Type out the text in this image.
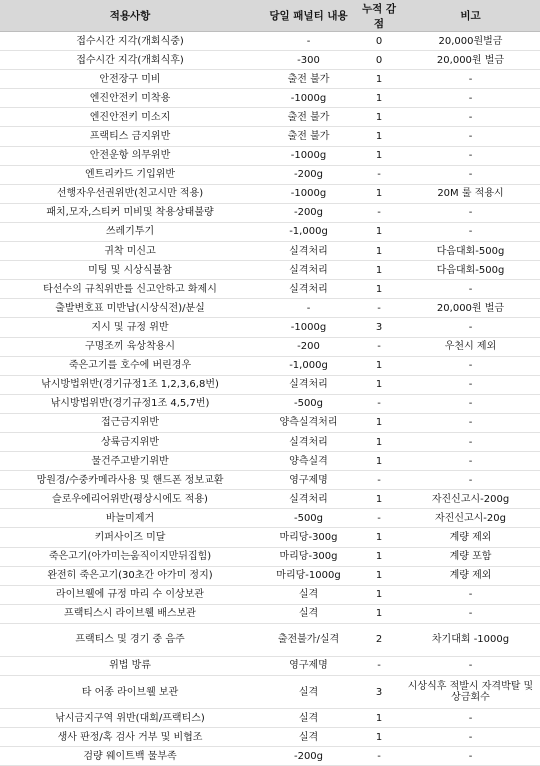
적용사항	당일 패널티 내용	누적 감점	비고
접수시간 지각(개회식중)	-	0	20,000원벌금
접수시간 지각(개회식후)	-300	0	20,000원 벌금
안전장구 미비	출전 불가	1	-
엔진안전키 미착용	-1000g	1	-
엔진안전키 미소지	출전 불가	1	-
프랙티스 금지위반	출전 불가	1	-
안전운항 의무위반	-1000g	1	-
엔트리카드 기입위반	-200g	-	-
선행자우선권위반(친고시만 적용)	-1000g	1	20M 룰 적용시
패치,모자,스티커 미비및 착용상태불량	-200g	-	-
쓰레기투기	-1,000g	1	-
귀착 미신고	실격처리	1	다음대회-500g
미팅 및 시상식불참	실격처리	1	다음대회-500g
타선수의 규칙위반를 신고안하고 화제시	실격처리	1	-
출발변호표 미반납(시상식전)/분실	-	-	20,000원 벌금
지시 및 규정 위반	-1000g	3	-
구명조끼 육상착용시	-200	-	우천시 제외
죽은고기를 호수에 버린경우	-1,000g	1	-
낚시방법위반(경기규정1조 1,2,3,6,8번)	실격처리	1	-
낚시방법위반(경기규정1조 4,5,7번)	-500g	-	-
접근금지위반	양측실격처리	1	-
상륙금지위반	실격처리	1	-
물건주고받기위반	양측실격	1	-
망원경/수중카메라사용 및 핸드폰 정보교환	영구제명	-	-
슬로우에리어위반(평상시에도 적용)	실격처리	1	자진신고시-200g
바늘미제거	-500g	-	자진신고시-20g
키퍼사이즈 미달	마리당-300g	1	계량 제외
죽은고기(아가미는움직이지만뒤집힘)	마리당-300g	1	계량 포함
완전히 죽은고기(30초간 아가미 정지)	마리당-1000g	1	계량 제외
라이브웰에 규정 마리 수 이상보관	실격	1	-
프랙티스시 라이브웰 배스보관	실격	1	-
프랙티스 및 경기 중 음주	출전불가/실격	2	차기대회 -1000g
위법 방류	영구제명	-	-
타 어종 라이브웰 보관	실격	3	시상식후 적발시 자격박탈 및 상금회수
낚시금지구역 위반(대회/프랙티스)	실격	1	-
생사 판정/혹 검사 거부 및 비협조	실격	1	-
검량 웨이트백 물부족	-200g	-	-
